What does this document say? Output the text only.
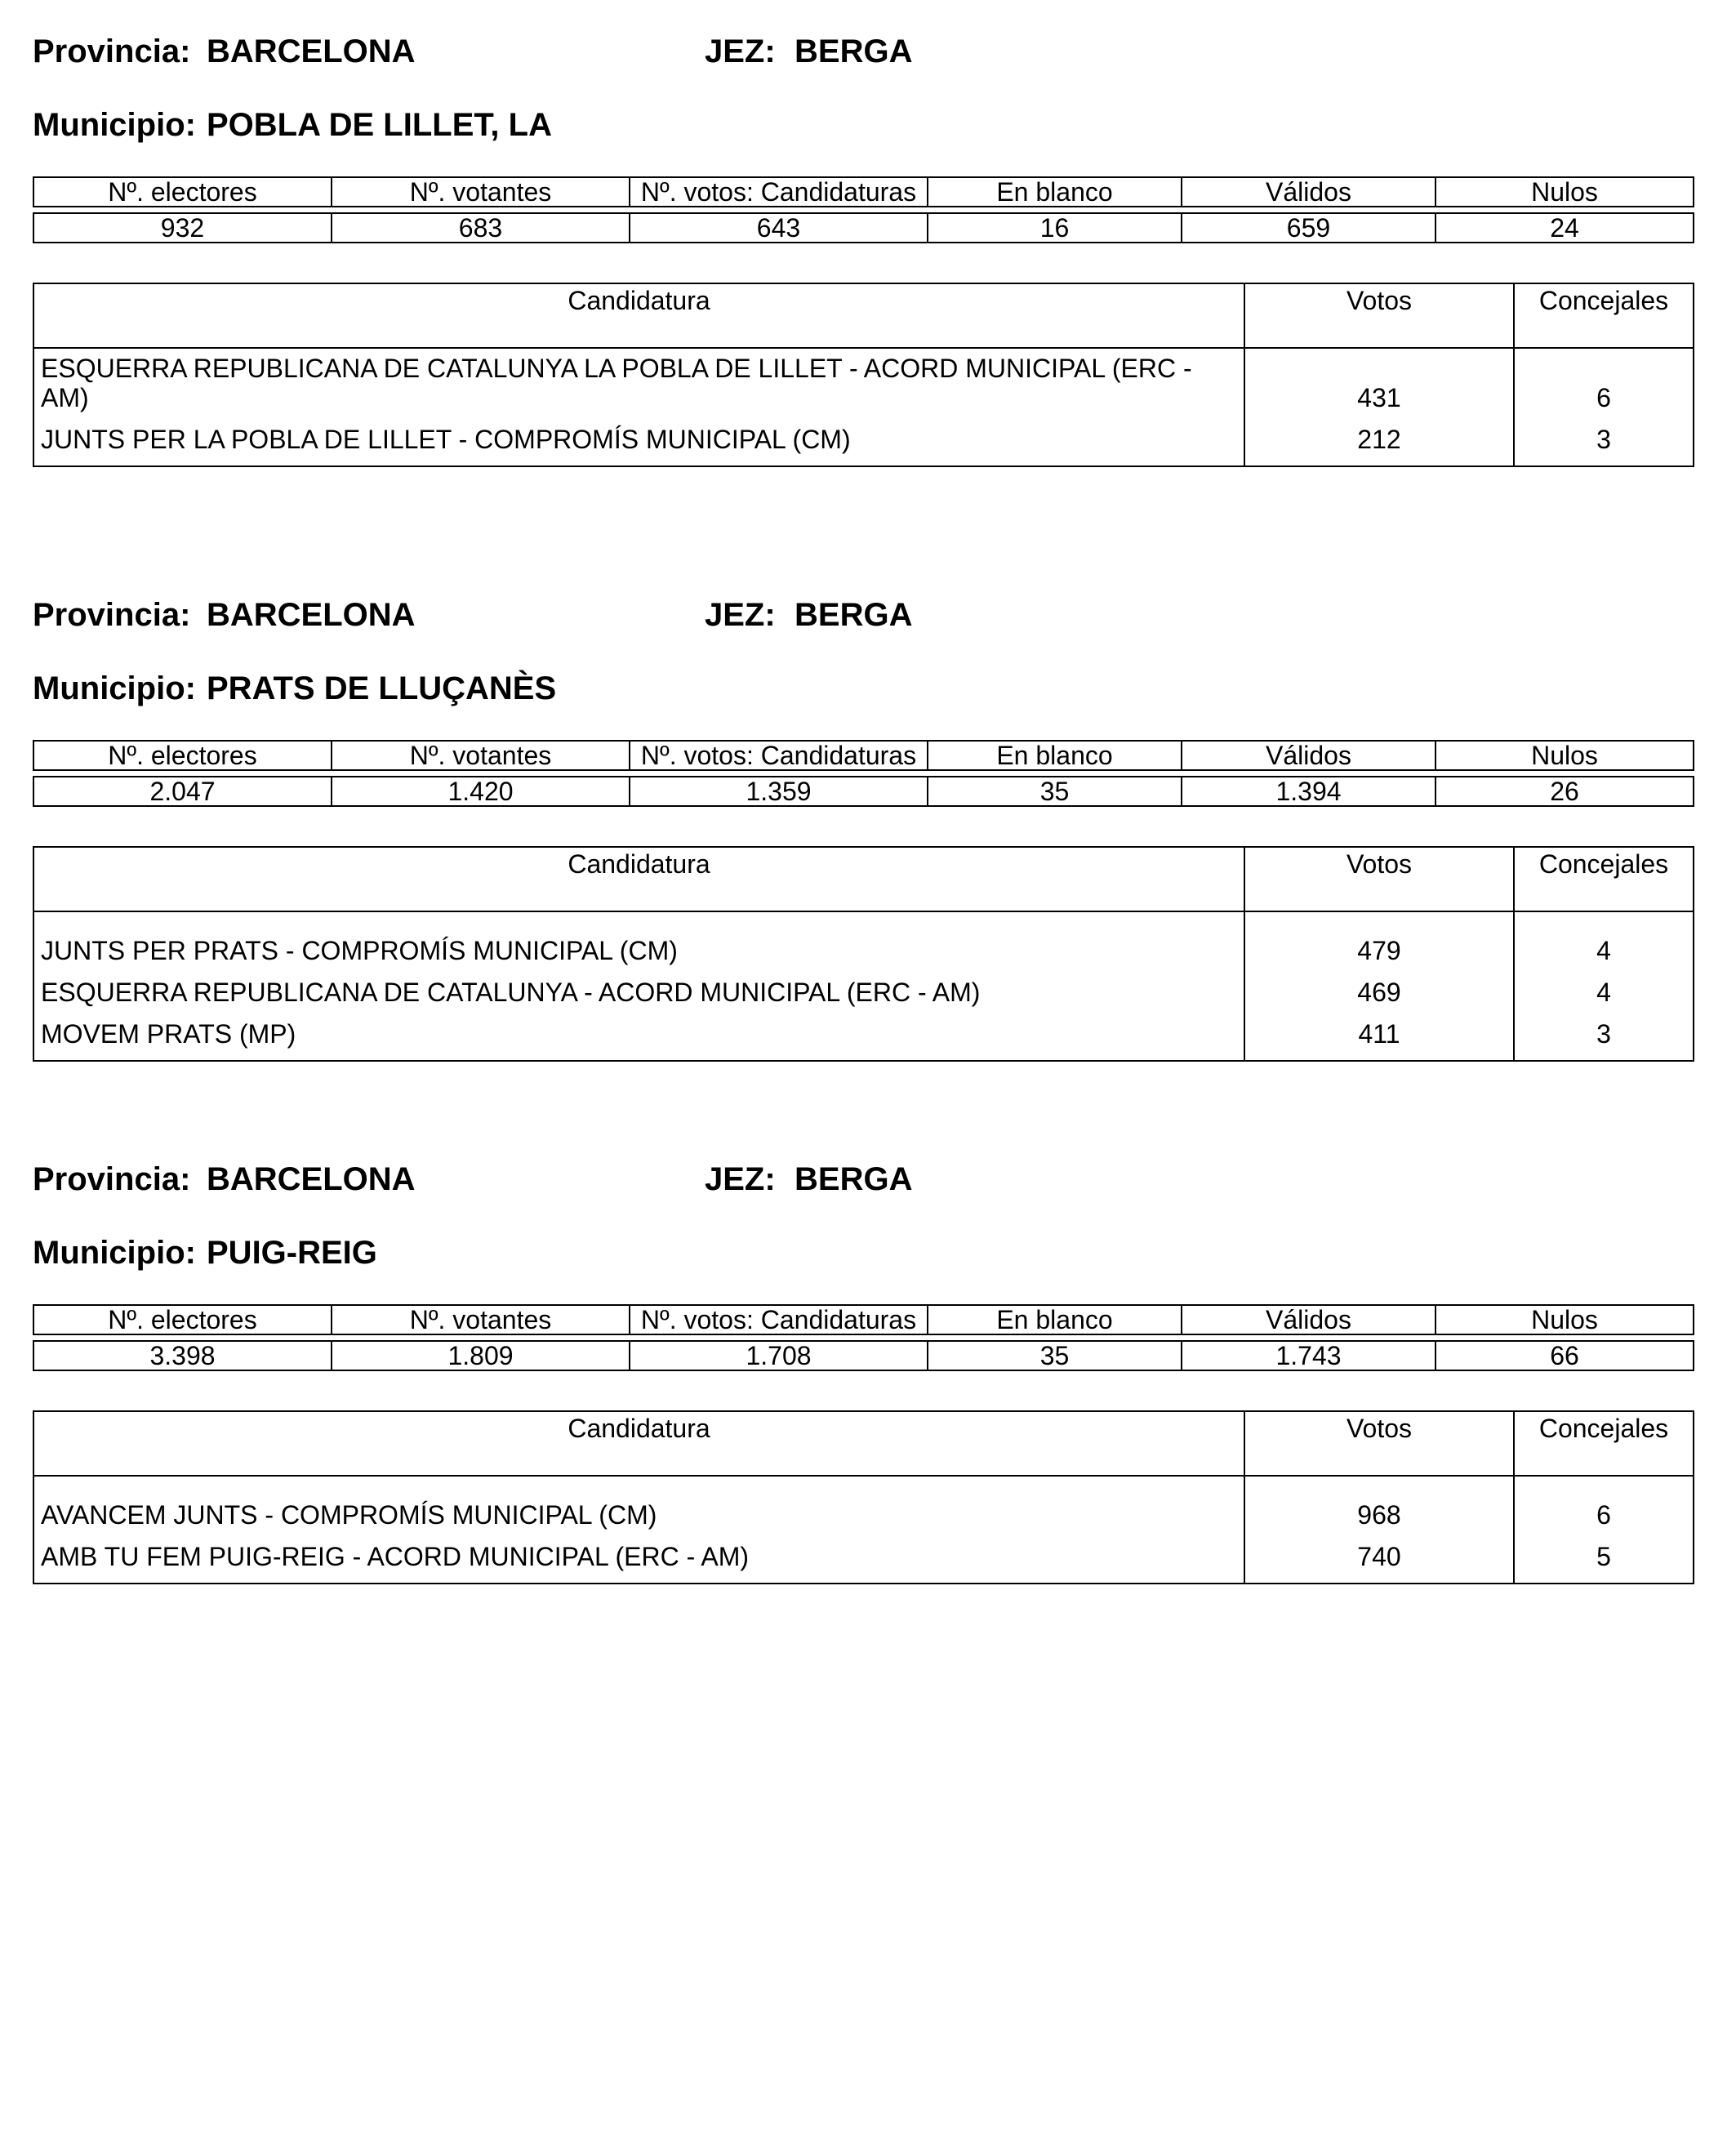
Provincia: BARCELONA	JEZ: BERGA
Municipio: POBLA DE LILLET, LA
Nº. electores	Nº. votantes	Nº. votos: Candidaturas	En blanco	Válidos	Nulos

932	683	643	16	659	24
Candidatura	Votos	Concejales
ESQUERRA REPUBLICANA DE CATALUNYA LA POBLA DE LILLET - ACORD MUNICIPAL (ERC - AM)	431	6
JUNTS PER LA POBLA DE LILLET - COMPROMÍS MUNICIPAL (CM)	212	3
Provincia: BARCELONA	JEZ: BERGA
Municipio: PRATS DE LLUÇANÈS
Nº. electores	Nº. votantes	Nº. votos: Candidaturas	En blanco	Válidos	Nulos

2.047	1.420	1.359	35	1.394	26
Candidatura	Votos	Concejales

JUNTS PER PRATS - COMPROMÍS MUNICIPAL (CM)	479	4
ESQUERRA REPUBLICANA DE CATALUNYA - ACORD MUNICIPAL (ERC - AM)	469	4
MOVEM PRATS (MP)	411	3
Provincia: BARCELONA	JEZ: BERGA
Municipio: PUIG-REIG
Nº. electores	Nº. votantes	Nº. votos: Candidaturas	En blanco	Válidos	Nulos

3.398	1.809	1.708	35	1.743	66
Candidatura	Votos	Concejales

AVANCEM JUNTS - COMPROMÍS MUNICIPAL (CM)	968	6
AMB TU FEM PUIG-REIG - ACORD MUNICIPAL (ERC - AM)	740	5
